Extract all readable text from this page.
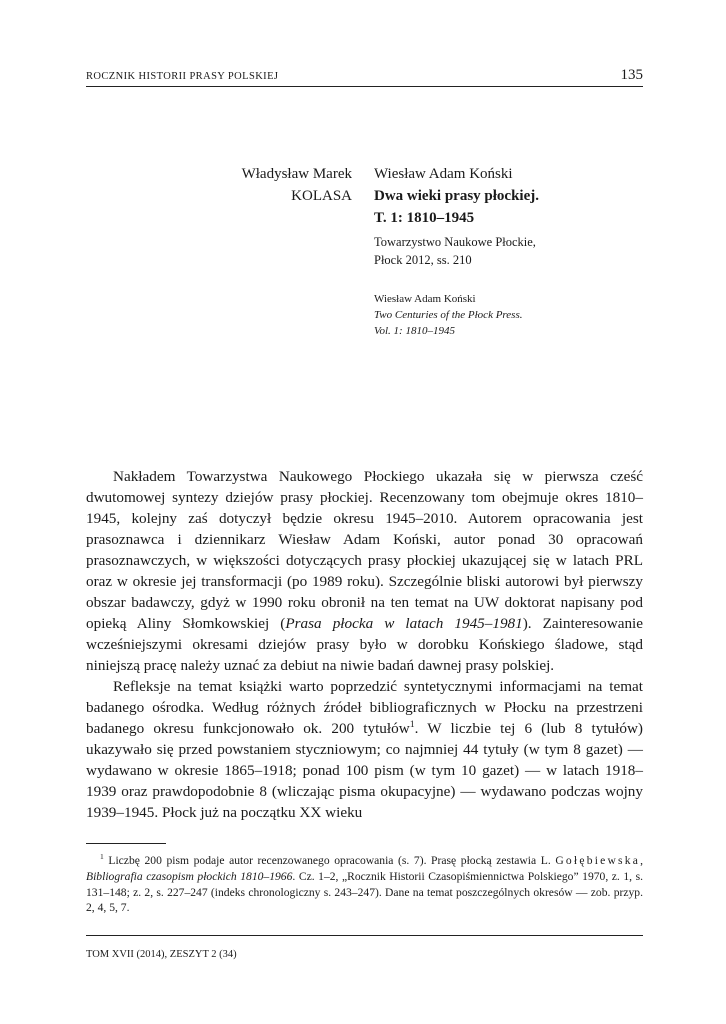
ROCZNIK HISTORII PRASY POLSKIEJ	135
Władysław Marek
KOLASA
Wiesław Adam Koński
Dwa wieki prasy płockiej.
T. 1: 1810–1945
Towarzystwo Naukowe Płockie,
Płock 2012, ss. 210
Wiesław Adam Koński
Two Centuries of the Płock Press.
Vol. 1: 1810–1945

Nakładem Towarzystwa Naukowego Płockiego ukazała się w pierwsza cześć dwutomowej syntezy dziejów prasy płockiej. Recenzowany tom obejmuje okres 1810–1945, kolejny zaś dotyczył będzie okresu 1945–2010. Autorem opracowania jest prasoznawca i dziennikarz Wiesław Adam Koński, autor ponad 30 opracowań prasoznawczych, w większości dotyczących prasy płockiej ukazującej się w latach PRL oraz w okresie jej transformacji (po 1989 roku). Szczególnie bliski autorowi był pierwszy obszar badawczy, gdyż w 1990 roku obronił na ten temat na UW doktorat napisany pod opieką Aliny Słomkowskiej (Prasa płocka w latach 1945–1981). Zainteresowanie wcześniejszymi okresami dziejów prasy było w dorobku Końskiego śladowe, stąd niniejszą pracę należy uznać za debiut na niwie badań dawnej prasy polskiej.

Refleksje na temat książki warto poprzedzić syntetycznymi informacjami na temat badanego ośrodka. Według różnych źródeł bibliograficznych w Płocku na przestrzeni badanego okresu funkcjonowało ok. 200 tytułów$^1$. W liczbie tej 6 (lub 8 tytułów) ukazywało się przed powstaniem styczniowym; co najmniej 44 tytuły (w tym 8 gazet) — wydawano w okresie 1865–1918; ponad 100 pism (w tym 10 gazet) — w latach 1918–1939 oraz prawdopodobnie 8 (wliczając pisma okupacyjne) — wydawano podczas wojny 1939–1945. Płock już na początku XX wieku

$^1$ Liczbę 200 pism podaje autor recenzowanego opracowania (s. 7). Prasę płocką zestawia L. Gołębiewska, Bibliografia czasopism płockich 1810–1966. Cz. 1–2, „Rocznik Historii Czasopiśmiennictwa Polskiego” 1970, z. 1, s. 131–148; z. 2, s. 227–247 (indeks chronologiczny s. 243–247). Dane na temat poszczególnych okresów — zob. przyp. 2, 4, 5, 7.
TOM XVII (2014), ZESZYT 2 (34)
